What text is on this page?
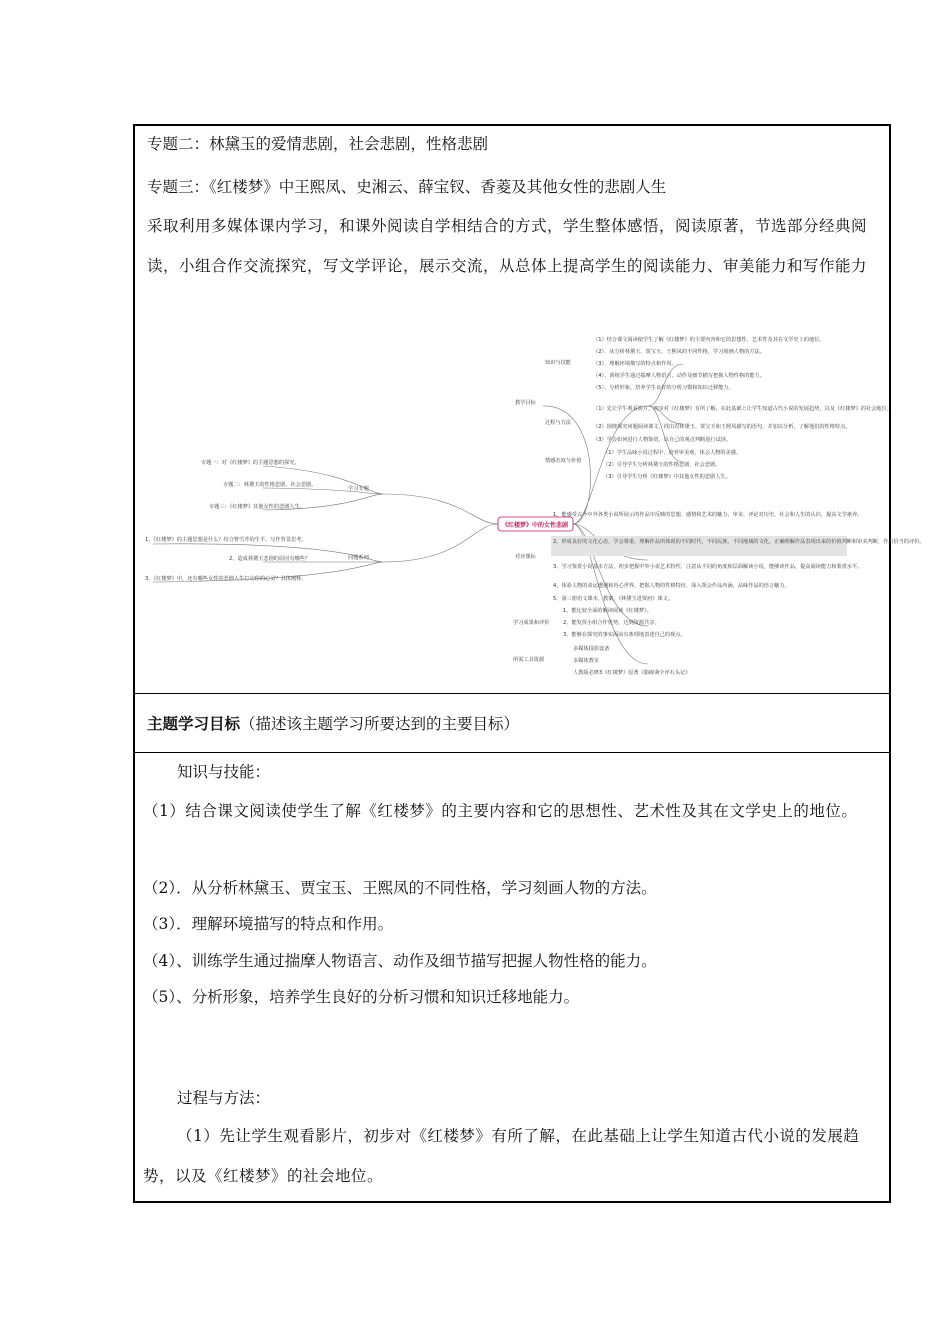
专题二：林黛玉的爱情悲剧，社会悲剧，性格悲剧
专题三：《红楼梦》中王熙凤、史湘云、薛宝钗、香菱及其他女性的悲剧人生
采取利用多媒体课内学习，和课外阅读自学相结合的方式，学生整体感悟，阅读原著，节选部分经典阅读，小组合作交流探究，写文学评论，展示交流，从总体上提高学生的阅读能力、审美能力和写作能力
《红楼梦》中的女性悲剧
学习专题
专题一：对《红楼梦》的主题思想的探究。
专题二：林黛玉的性格悲剧，社会悲剧。
专题三：《红楼梦》其他女性的悲剧人生。
问题系列
1、《红楼梦》的主题思想是什么？结合曹雪芹的生平，写作背景思考。
2、造成林黛玉悲剧的原因有哪些？
3、《红楼梦》中，还有哪些女性的悲剧人生打动你的心灵？具体阐释。
教学目标
知识与技能
（1）结合课文阅读使学生了解《红楼梦》的主要内容和它的思想性、艺术性及其在文学史上的地位。
（2）．从分析林黛玉、贾宝玉、王熙凤的不同性格，学习刻画人物的方法。
（3）．理解环境描写的特点和作用。
（4）、训练学生通过揣摩人物语言、动作及细节描写把握人物性格的能力。
（5）、分析形象，培养学生良好的分析习惯和知识迁移能力。
过程与方法
（1）先让学生观看影片，初步对《红楼梦》有所了解，在此基础上让学生知道古代小说的发展趋势，以及《红楼梦》的社会地位。
（2）围绕探究问题阅读课文，找出对林黛玉、贾宝玉和王熙凤描写的语句，并加以分析，了解他们的性格特点。
（3）学会如何进行人物鉴赏，以自己的观点判断进行试读。
情感态度与价值
（1）学生品味小说过程中，培养审美观，体会人物的美感。
（2）引导学生分析林黛玉的性格悲剧，社会悲剧。
（3）引导学生分析《红楼梦》中其他女性的悲剧人生。
对应课标
1、能感受古今中外各类小说所展示的作品中反映的思想、感情和艺术的魅力，审美、评论对历史、社会和人生的认识，提高文学素养。
2、形成良好的文化心态，学会尊重、理解作品所体现的不同时代、不同民族、不同地域的文化，正确理解作品表现出来的价值判断和审美判断，作出恰当的评价。
3、学习鉴赏小说基本方法，初步把握中外小说艺术特性，注意从不同的角度和层面解读小说，能够读作品，提高阅读能力和鉴赏水平。
4、体验人物的命运遭遇和内心世界，把握人物的性格特征，深入领会作品内涵，品味作品的语言魅力。
5、第三册语文课本，教案，《林黛玉进贾府》课文。
学习成果和评价
1、能比较全面的解读阅读《红楼梦》。
2、能发挥小组合作优势，达到资源共享。
3、能够在探究的事实面前有条理地表述自己的观点。
所需工具资源
多媒体投影设备
多媒体教室
人教版必修3《红楼梦》原著《脂砚斋全评石头记》
主题学习目标（描述该主题学习所要达到的主要目标）
知识与技能：
（1）结合课文阅读使学生了解《红楼梦》的主要内容和它的思想性、艺术性及其在文学史上的地位。
（2）．从分析林黛玉、贾宝玉、王熙凤的不同性格，学习刻画人物的方法。
（3）．理解环境描写的特点和作用。
（4）、训练学生通过揣摩人物语言、动作及细节描写把握人物性格的能力。
（5）、分析形象，培养学生良好的分析习惯和知识迁移地能力。
过程与方法：
（1）先让学生观看影片，初步对《红楼梦》有所了解，在此基础上让学生知道古代小说的发展趋势，以及《红楼梦》的社会地位。
